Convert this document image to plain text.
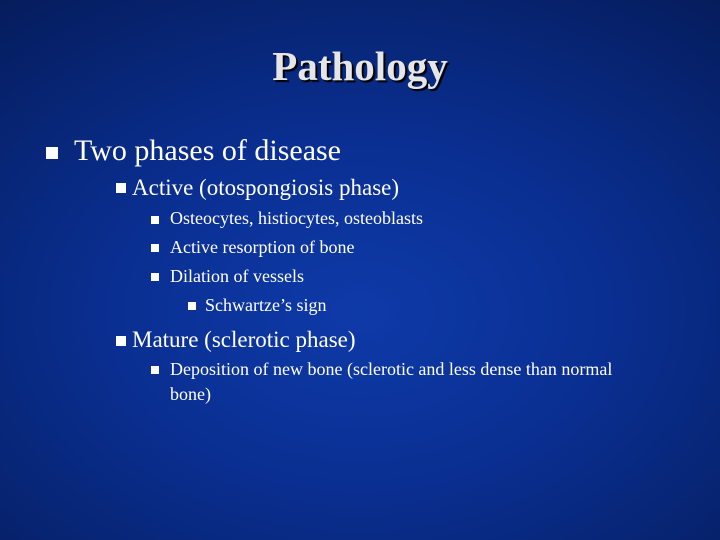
Pathology
Two phases of disease
Active (otospongiosis phase)
Osteocytes, histiocytes, osteoblasts
Active resorption of bone
Dilation of vessels
Schwartze’s sign
Mature (sclerotic phase)
Deposition of new bone (sclerotic and less dense than normal
bone)
